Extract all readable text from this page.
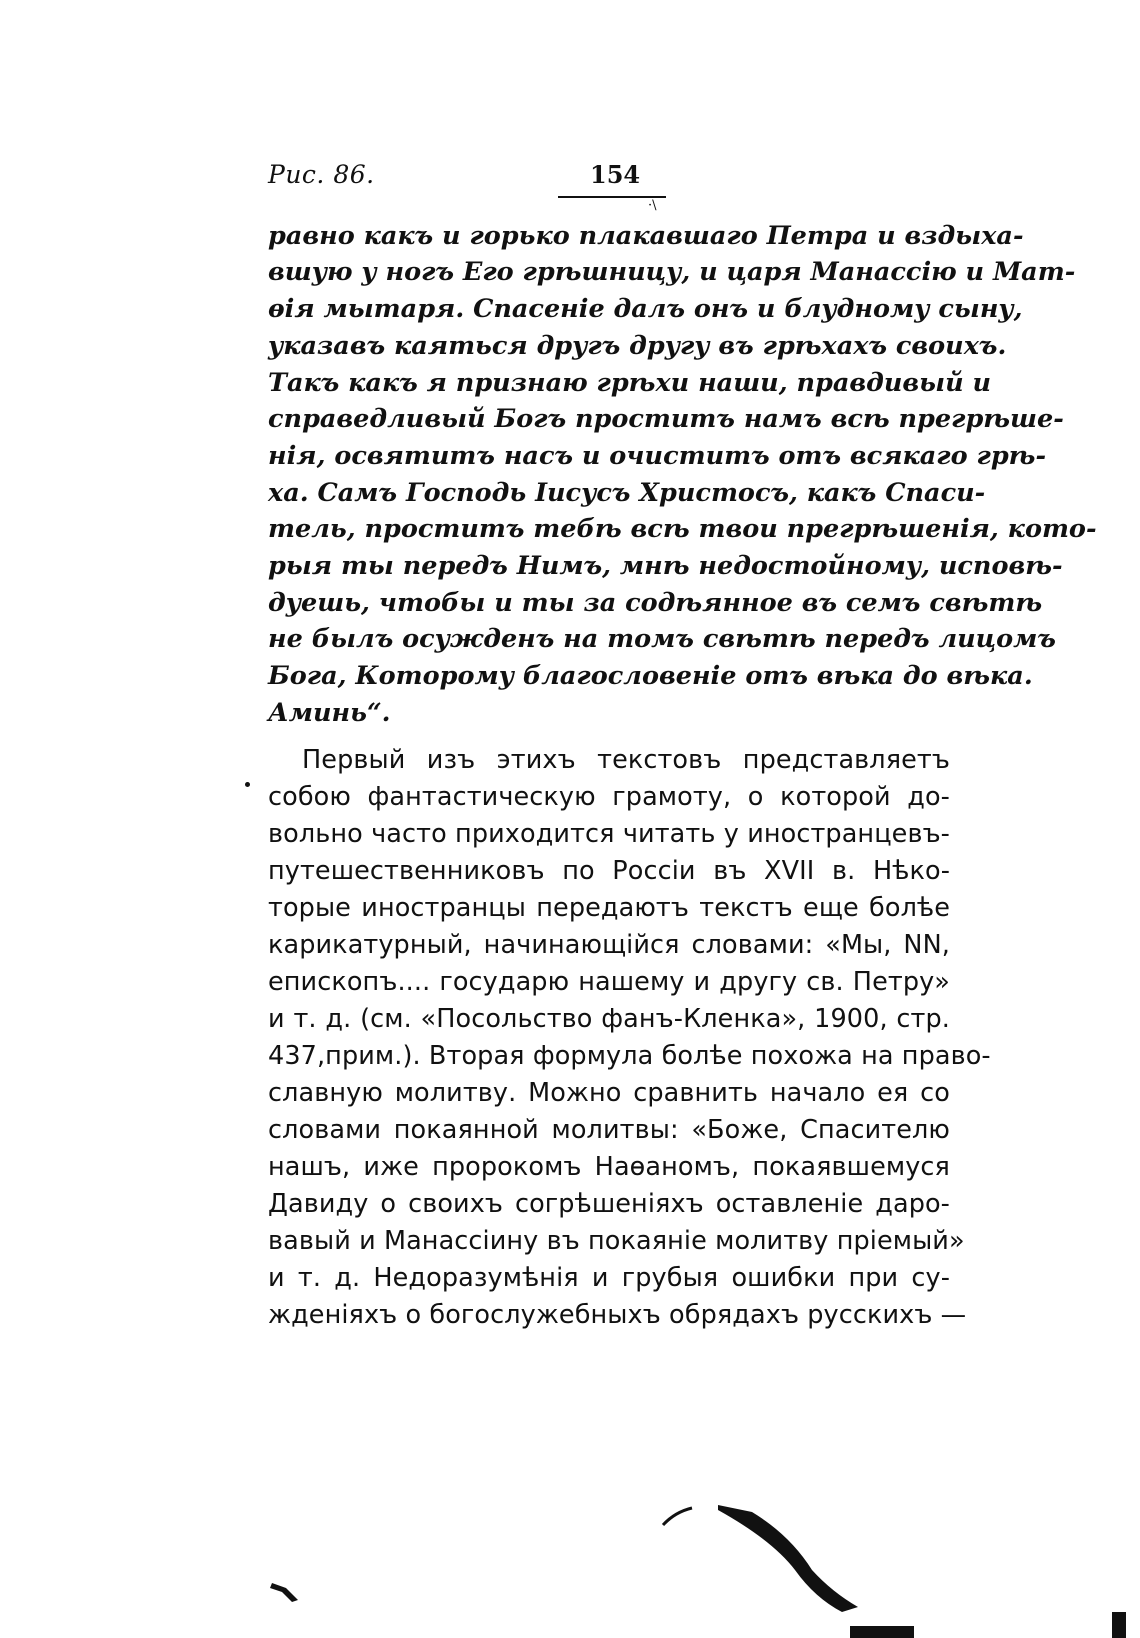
Рис. 86.	154
·\
равно какъ и горько плакавшаго Петра и вздыха-
вшую у ногъ Его грѣшницу, и царя Манассію и Мат-
ѳія мытаря. Спасеніе далъ онъ и блудному сыну,
указавъ каяться другъ другу въ грѣхахъ своихъ.
Такъ какъ я признаю грѣхи наши, правдивый и
справедливый Богъ проститъ намъ всѣ прегрѣше-
нія, освятитъ насъ и очиститъ отъ всякаго грѣ-
ха. Самъ Господь Іисусъ Христосъ, какъ Спаси-
тель, проститъ тебѣ всѣ твои прегрѣшенія, кото-
рыя ты передъ Нимъ, мнѣ недостойному, исповѣ-
дуешь, чтобы и ты за содѣянное въ семъ свѣтѣ
не былъ осужденъ на томъ свѣтѣ передъ лицомъ
Бога, Которому благословеніе отъ вѣка до вѣка.
Аминь“.
Первый изъ этихъ текстовъ представляетъ
собою фантастическую грамоту, о которой до-
вольно часто приходится читать у иностранцевъ-
путешественниковъ по Россіи въ XVII в. Нѣко-
торые иностранцы передаютъ текстъ еще болѣе
карикатурный, начинающійся словами: «Мы, NN,
епископъ.... государю нашему и другу св. Петру»
и т. д. (см. «Посольство фанъ-Кленка», 1900, стр.
437,прим.). Вторая формула болѣе похожа на право-
славную молитву. Можно сравнить начало ея со
словами покаянной молитвы: «Боже, Спасителю
нашъ, иже пророкомъ Наѳаномъ, покаявшемуся
Давиду о своихъ согрѣшеніяхъ оставленіе даро-
вавый и Манассіину въ покаяніе молитву пріемый»
и т. д. Недоразумѣнія и грубыя ошибки при су-
жденіяхъ о богослужебныхъ обрядахъ русскихъ —
